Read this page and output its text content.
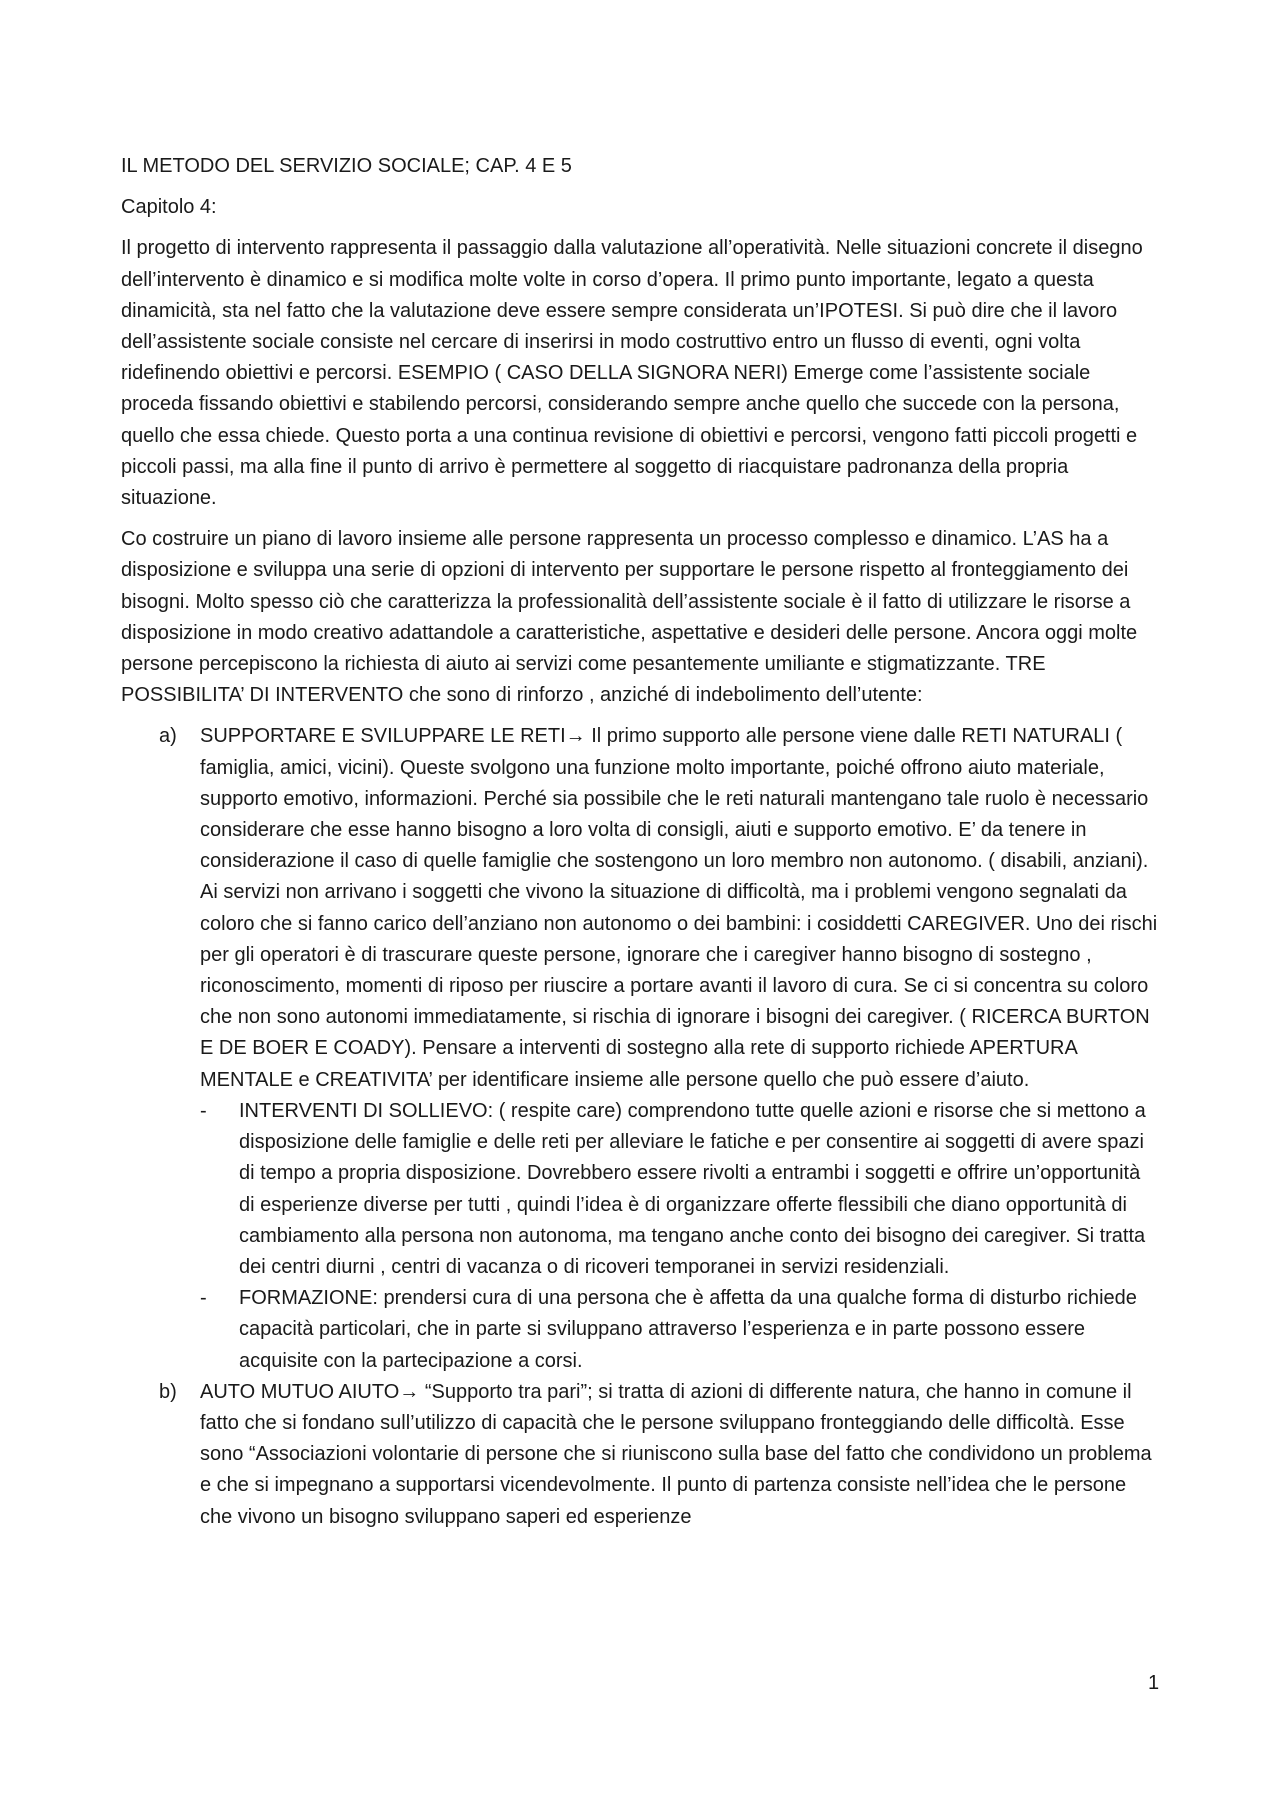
IL METODO DEL SERVIZIO SOCIALE; CAP. 4 E 5

Capitolo 4:

Il progetto di intervento rappresenta il passaggio dalla valutazione all’operatività. Nelle situazioni concrete il disegno dell’intervento è dinamico e si modifica molte volte in corso d’opera. Il primo punto importante, legato a questa dinamicità, sta nel fatto che la valutazione deve essere sempre considerata un’IPOTESI. Si può dire che il lavoro dell’assistente sociale consiste nel cercare di inserirsi in modo costruttivo entro un flusso di eventi, ogni volta ridefinendo obiettivi e percorsi. ESEMPIO ( CASO DELLA SIGNORA NERI) Emerge come l’assistente sociale proceda fissando obiettivi e stabilendo percorsi, considerando sempre anche quello che succede con la persona, quello che essa chiede. Questo porta a una continua revisione di obiettivi e percorsi, vengono fatti piccoli progetti e piccoli passi, ma alla fine il punto di arrivo è permettere al soggetto di riacquistare padronanza della propria situazione.

Co costruire un piano di lavoro insieme alle persone rappresenta un processo complesso e dinamico. L’AS ha a disposizione e sviluppa una serie di opzioni di intervento per supportare le persone rispetto al fronteggiamento dei bisogni. Molto spesso ciò che caratterizza la professionalità dell’assistente sociale è il fatto di utilizzare le risorse a disposizione in modo creativo adattandole a caratteristiche, aspettative e desideri delle persone. Ancora oggi molte persone percepiscono la richiesta di aiuto ai servizi come pesantemente umiliante e stigmatizzante. TRE POSSIBILITA’ DI INTERVENTO che sono di rinforzo , anziché di indebolimento dell’utente:

a) SUPPORTARE E SVILUPPARE LE RETI→ Il primo supporto alle persone viene dalle RETI NATURALI ( famiglia, amici, vicini). Queste svolgono una funzione molto importante, poiché offrono aiuto materiale, supporto emotivo, informazioni. Perché sia possibile che le reti naturali mantengano tale ruolo è necessario considerare che esse hanno bisogno a loro volta di consigli, aiuti e supporto emotivo. E’ da tenere in considerazione il caso di quelle famiglie che sostengono un loro membro non autonomo. ( disabili, anziani). Ai servizi non arrivano i soggetti che vivono la situazione di difficoltà, ma i problemi vengono segnalati da coloro che si fanno carico dell’anziano non autonomo o dei bambini: i cosiddetti CAREGIVER. Uno dei rischi per gli operatori è di trascurare queste persone, ignorare che i caregiver hanno bisogno di sostegno , riconoscimento, momenti di riposo per riuscire a portare avanti il lavoro di cura. Se ci si concentra su coloro che non sono autonomi immediatamente, si rischia di ignorare i bisogni dei caregiver. ( RICERCA BURTON E DE BOER E COADY). Pensare a interventi di sostegno alla rete di supporto richiede APERTURA MENTALE e CREATIVITA’ per identificare insieme alle persone quello che può essere d’aiuto.

- INTERVENTI DI SOLLIEVO: ( respite care) comprendono tutte quelle azioni e risorse che si mettono a disposizione delle famiglie e delle reti per alleviare le fatiche e per consentire ai soggetti di avere spazi di tempo a propria disposizione. Dovrebbero essere rivolti a entrambi i soggetti e offrire un’opportunità di esperienze diverse per tutti , quindi l’idea è di organizzare offerte flessibili che diano opportunità di cambiamento alla persona non autonoma, ma tengano anche conto dei bisogno dei caregiver. Si tratta dei centri diurni , centri di vacanza o di ricoveri temporanei in servizi residenziali.

- FORMAZIONE: prendersi cura di una persona che è affetta da una qualche forma di disturbo richiede capacità particolari, che in parte si sviluppano attraverso l’esperienza e in parte possono essere acquisite con la partecipazione a corsi.

b) AUTO MUTUO AIUTO→ “Supporto tra pari”; si tratta di azioni di differente natura, che hanno in comune il fatto che si fondano sull’utilizzo di capacità che le persone sviluppano fronteggiando delle difficoltà. Esse sono “Associazioni volontarie di persone che si riuniscono sulla base del fatto che condividono un problema e che si impegnano a supportarsi vicendevolmente. Il punto di partenza consiste nell’idea che le persone che vivono un bisogno sviluppano saperi ed esperienze

1
